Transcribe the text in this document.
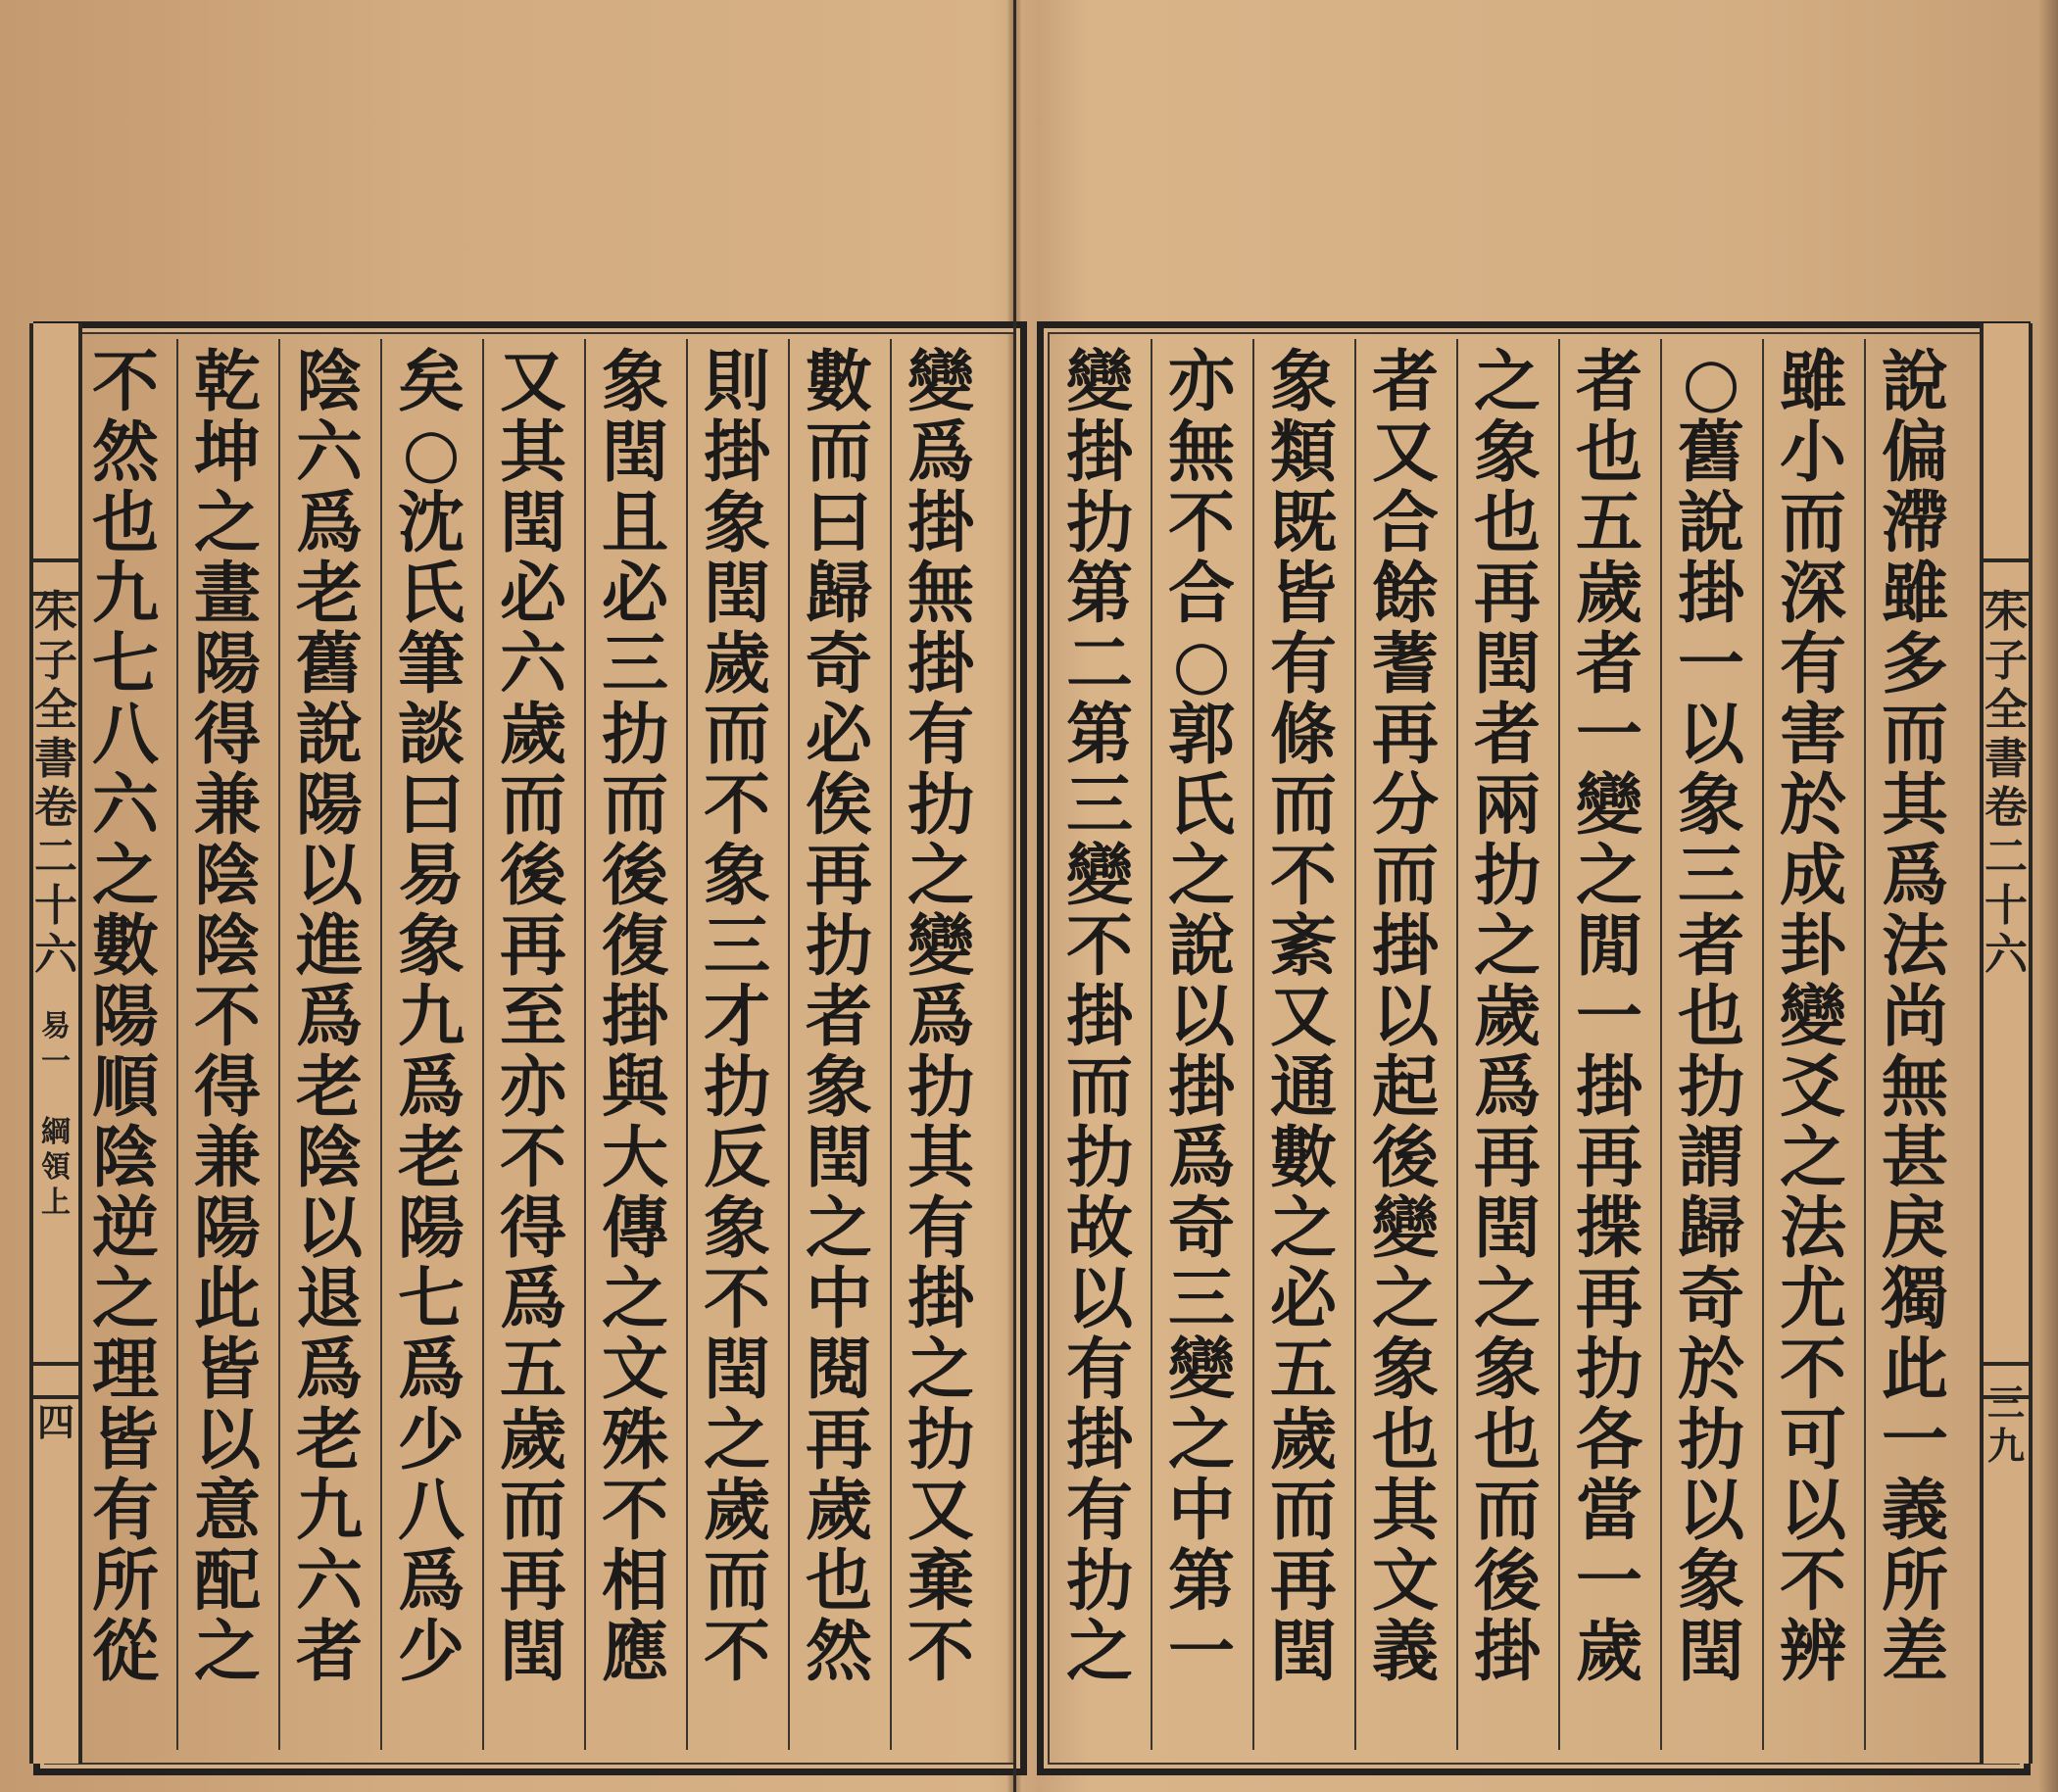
變
爲
掛
無
掛
有
扐
之
變
爲
扐
其
有
掛
之
扐
又
棄
不
數
而
曰
歸
奇
必
俟
再
扐
者
象
閏
之
中
閱
再
歲
也
然
則
掛
象
閏
歲
而
不
象
三
才
扐
反
象
不
閏
之
歲
而
不
象
閏
且
必
三
扐
而
後
復
掛
與
大
傳
之
文
殊
不
相
應
又
其
閏
必
六
歲
而
後
再
至
亦
不
得
爲
五
歲
而
再
閏
矣
○
沈
氏
筆
談
曰
易
象
九
爲
老
陽
七
爲
少
八
爲
少
陰
六
爲
老
舊
說
陽
以
進
爲
老
陰
以
退
爲
老
九
六
者
乾
坤
之
畫
陽
得
兼
陰
陰
不
得
兼
陽
此
皆
以
意
配
之
不
然
也
九
七
八
六
之
數
陽
順
陰
逆
之
理
皆
有
所
從
朱
子
全
書
卷
二
十
六
易
一

綱
領
上
四
說
偏
滯
雖
多
而
其
爲
法
尚
無
甚
戾
獨
此
一
義
所
差
雖
小
而
深
有
害
於
成
卦
變
爻
之
法
尤
不
可
以
不
辨
○
舊
說
掛
一
以
象
三
者
也
扐
謂
歸
奇
於
扐
以
象
閏
者
也
五
歲
者
一
變
之
閒
一
掛
再
揲
再
扐
各
當
一
歲
之
象
也
再
閏
者
兩
扐
之
歲
爲
再
閏
之
象
也
而
後
掛
者
又
合
餘
蓍
再
分
而
掛
以
起
後
變
之
象
也
其
文
義
象
類
既
皆
有
條
而
不
紊
又
通
數
之
必
五
歲
而
再
閏
亦
無
不
合
○
郭
氏
之
說
以
掛
爲
奇
三
變
之
中
第
一
變
掛
扐
第
二
第
三
變
不
掛
而
扐
故
以
有
掛
有
扐
之
朱
子
全
書
卷
二
十
六
三
九
